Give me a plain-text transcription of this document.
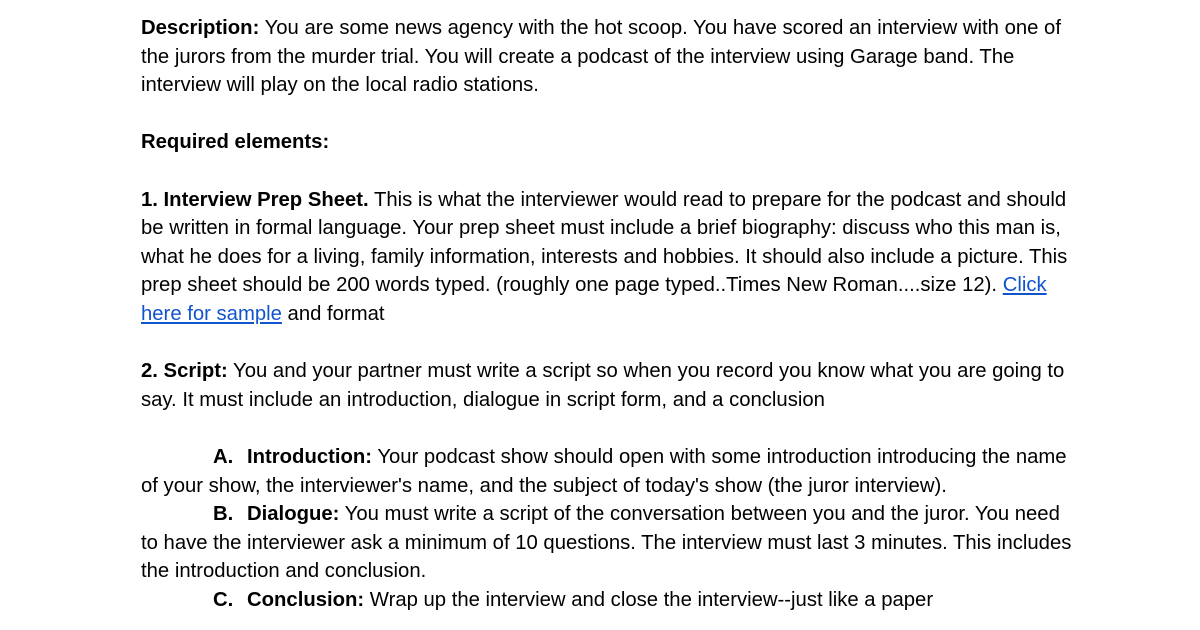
Description: You are some news agency with the hot scoop. You have scored an interview with one of the jurors from the murder trial. You will create a podcast of the interview using Garage band. The interview will play on the local radio stations.

Required elements:

1. Interview Prep Sheet. This is what the interviewer would read to prepare for the podcast and should be written in formal language. Your prep sheet must include a brief biography: discuss who this man is, what he does for a living, family information, interests and hobbies. It should also include a picture. This prep sheet should be 200 words typed. (roughly one page typed..Times New Roman....size 12). Click here for sample and format

2. Script: You and your partner must write a script so when you record you know what you are going to say. It must include an introduction, dialogue in script form, and a conclusion

A. Introduction: Your podcast show should open with some introduction introducing the name of your show, the interviewer's name, and the subject of today's show (the juror interview).

B. Dialogue: You must write a script of the conversation between you and the juror. You need to have the interviewer ask a minimum of 10 questions. The interview must last 3 minutes. This includes the introduction and conclusion.

C. Conclusion: Wrap up the interview and close the interview--just like a paper
